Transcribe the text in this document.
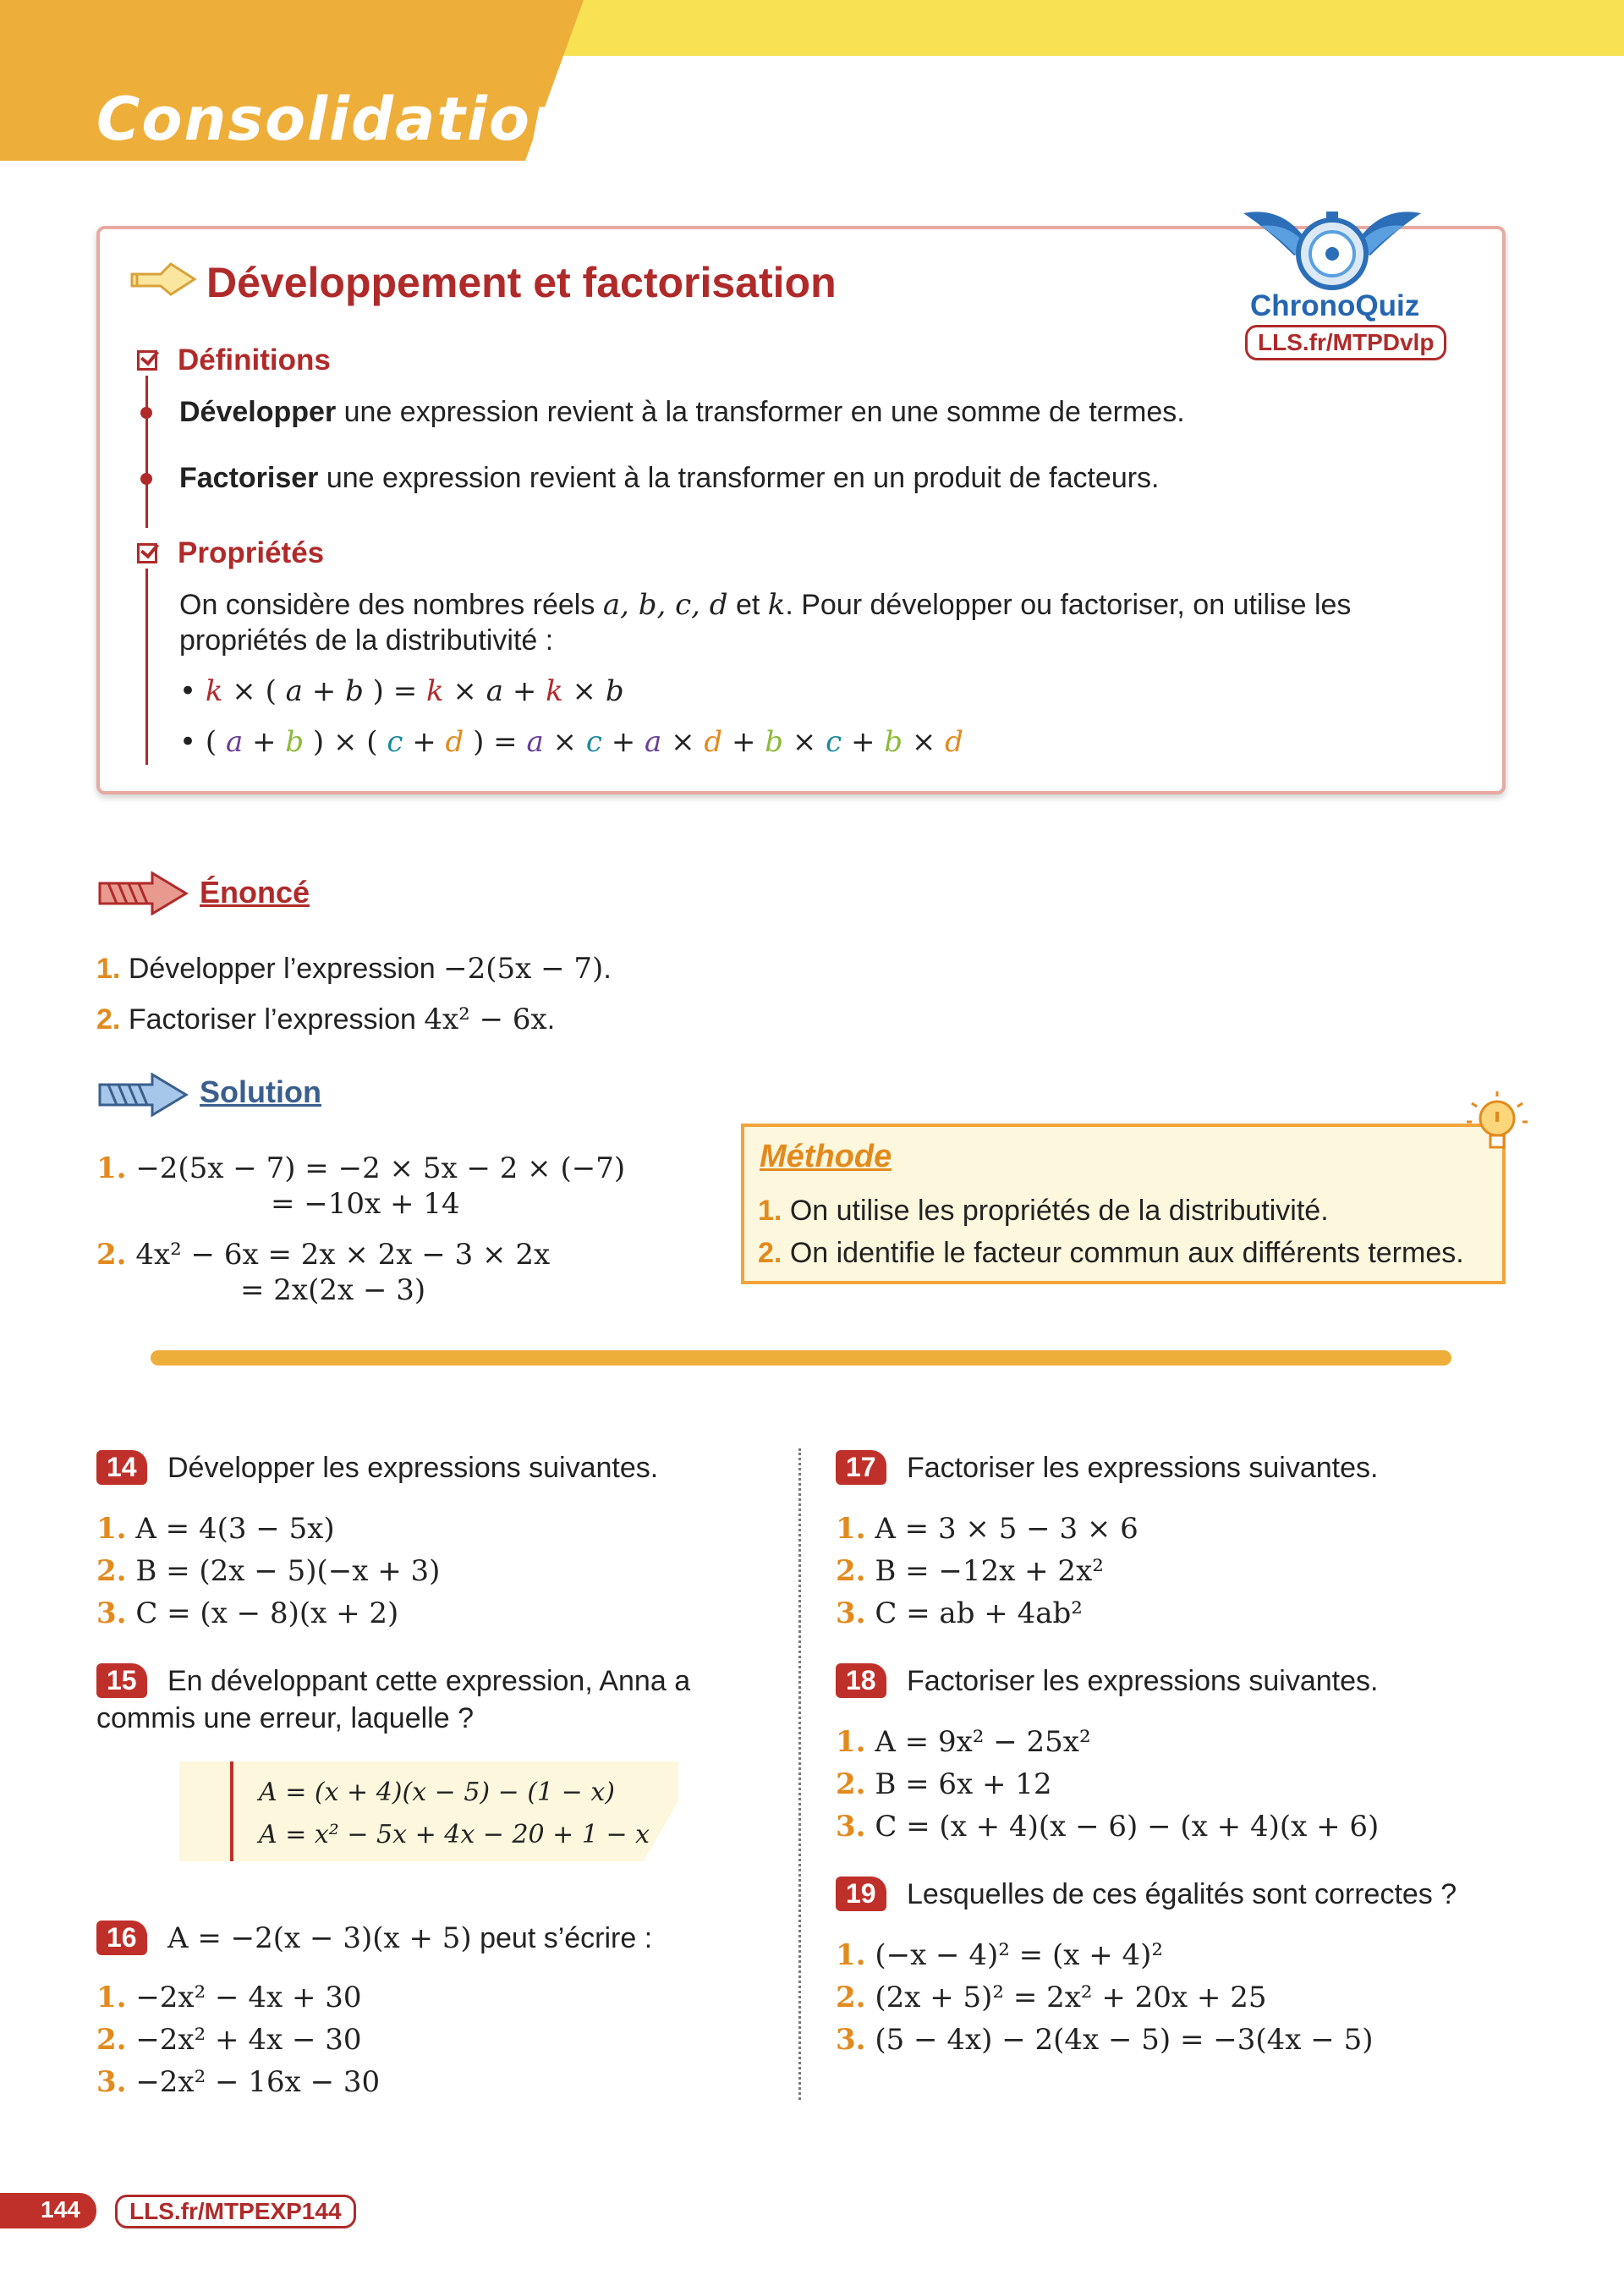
Consolidation
Développement et factorisation	ChronoQuiz
LLS.fr/MTPDvlp
Définitions
Développer une expression revient à la transformer en une somme de termes.
Factoriser une expression revient à la transformer en un produit de facteurs.
Propriétés
On considère des nombres réels a, b, c, d et k. Pour développer ou factoriser, on utilise les
propriétés de la distributivité :
• k × ( a + b ) = k × a + k × b
• ( a + b ) × ( c + d ) = a × c + a × d + b × c + b × d
Énoncé
1. Développer l’expression −2(5x − 7).
2. Factoriser l’expression 4x² − 6x.
Solution
1. −2(5x − 7) = −2 × 5x − 2 × (−7)
= −10x + 14
2. 4x² − 6x = 2x × 2x − 3 × 2x
= 2x(2x − 3)
Méthode
1. On utilise les propriétés de la distributivité.
2. On identifie le facteur commun aux différents termes.
14	Développer les expressions suivantes.
1. A = 4(3 − 5x)
2. B = (2x − 5)(−x + 3)
3. C = (x − 8)(x + 2)
15	En développant cette expression, Anna a
commis une erreur, laquelle ?
A = (x + 4)(x − 5) − (1 − x)
A = x² − 5x + 4x − 20 + 1 − x
16	A = −2(x − 3)(x + 5) peut s’écrire :
1. −2x² − 4x + 30
2. −2x² + 4x − 30
3. −2x² − 16x − 30
17	Factoriser les expressions suivantes.
1. A = 3 × 5 − 3 × 6
2. B = −12x + 2x²
3. C = ab + 4ab²
18	Factoriser les expressions suivantes.
1. A = 9x² − 25x²
2. B = 6x + 12
3. C = (x + 4)(x − 6) − (x + 4)(x + 6)
19	Lesquelles de ces égalités sont correctes ?
1. (−x − 4)² = (x + 4)²
2. (2x + 5)² = 2x² + 20x + 25
3. (5 − 4x) − 2(4x − 5) = −3(4x − 5)
144	LLS.fr/MTPEXP144
